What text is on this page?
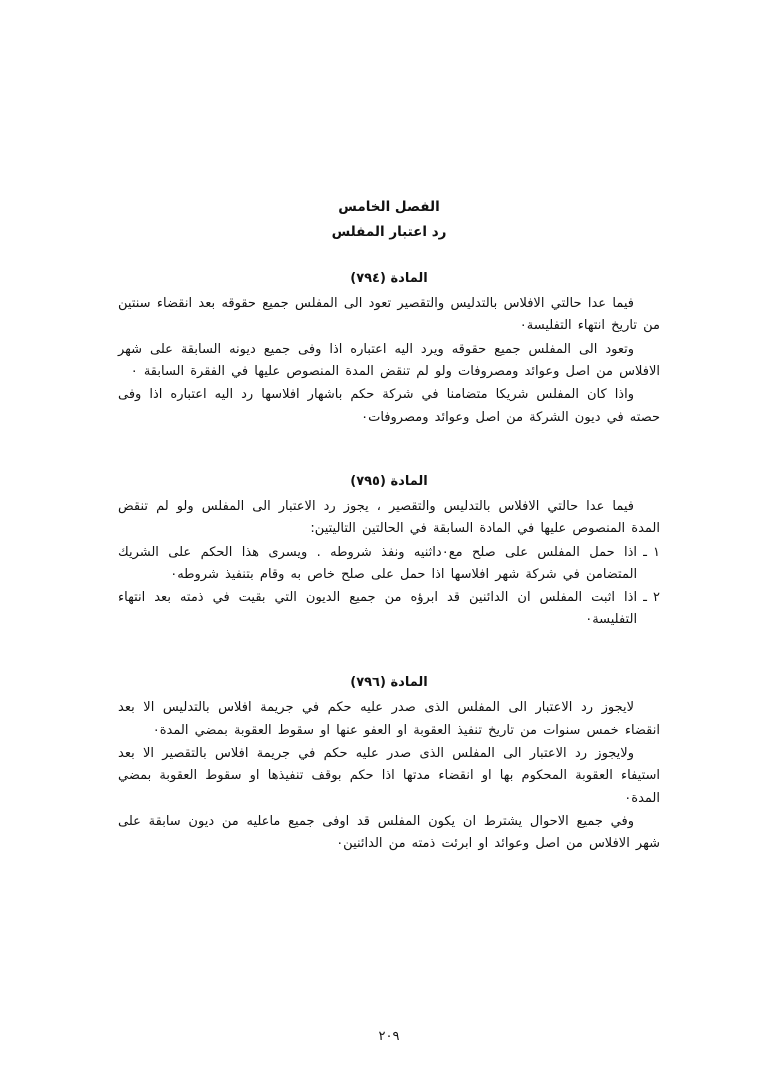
الفصل الخامس
رد اعتبار المفلس
المادة (٧٩٤)

فيما عدا حالتي الافلاس بالتدليس والتقصير تعود الى المفلس جميع حقوقه بعد انقضاء سنتين من تاريخ انتهاء التفليسة٠

وتعود الى المفلس جميع حقوقه ويرد اليه اعتباره اذا وفى جميع ديونه السابقة على شهر الافلاس من اصل وعوائد ومصروفات ولو لم تنقض المدة المنصوص عليها في الفقرة السابقة ٠

واذا كان المفلس شريكا متضامنا في شركة حكم باشهار افلاسها رد اليه اعتباره اذا وفى حصته في ديون الشركة من اصل وعوائد ومصروفات٠

المادة (٧٩٥)

فيما عدا حالتي الافلاس بالتدليس والتقصير ، يجوز رد الاعتبار الى المفلس ولو لم تنقض المدة المنصوص عليها في المادة السابقة في الحالتين التاليتين:

١ ـ
اذا حمل المفلس على صلح مع٠داثنيه ونفذ شروطه . ويسرى هذا الحكم على الشريك المتضامن في شركة شهر افلاسها اذا حمل على صلح خاص به وقام بتنفيذ شروطه٠
٢ ـ
اذا اثبت المفلس ان الدائنين قد ابرؤه من جميع الديون التي بقيت في ذمته بعد انتهاء التفليسة٠
المادة (٧٩٦)

لايجوز رد الاعتبار الى المفلس الذى صدر عليه حكم في جريمة افلاس بالتدليس الا بعد انقضاء خمس سنوات من تاريخ تنفيذ العقوبة او العفو عنها او سقوط العقوبة بمضي المدة٠

ولايجوز رد الاعتبار الى المفلس الذى صدر عليه حكم في جريمة افلاس بالتقصير الا بعد استيفاء العقوبة المحكوم بها او انقضاء مدتها اذا حكم بوقف تنفيذها او سقوط العقوبة بمضي المدة٠

وفي جميع الاحوال يشترط ان يكون المفلس قد اوفى جميع ماعليه من ديون سابقة على شهر الافلاس من اصل وعوائد او ابرئت ذمته من الدائنين٠

٢٠٩
